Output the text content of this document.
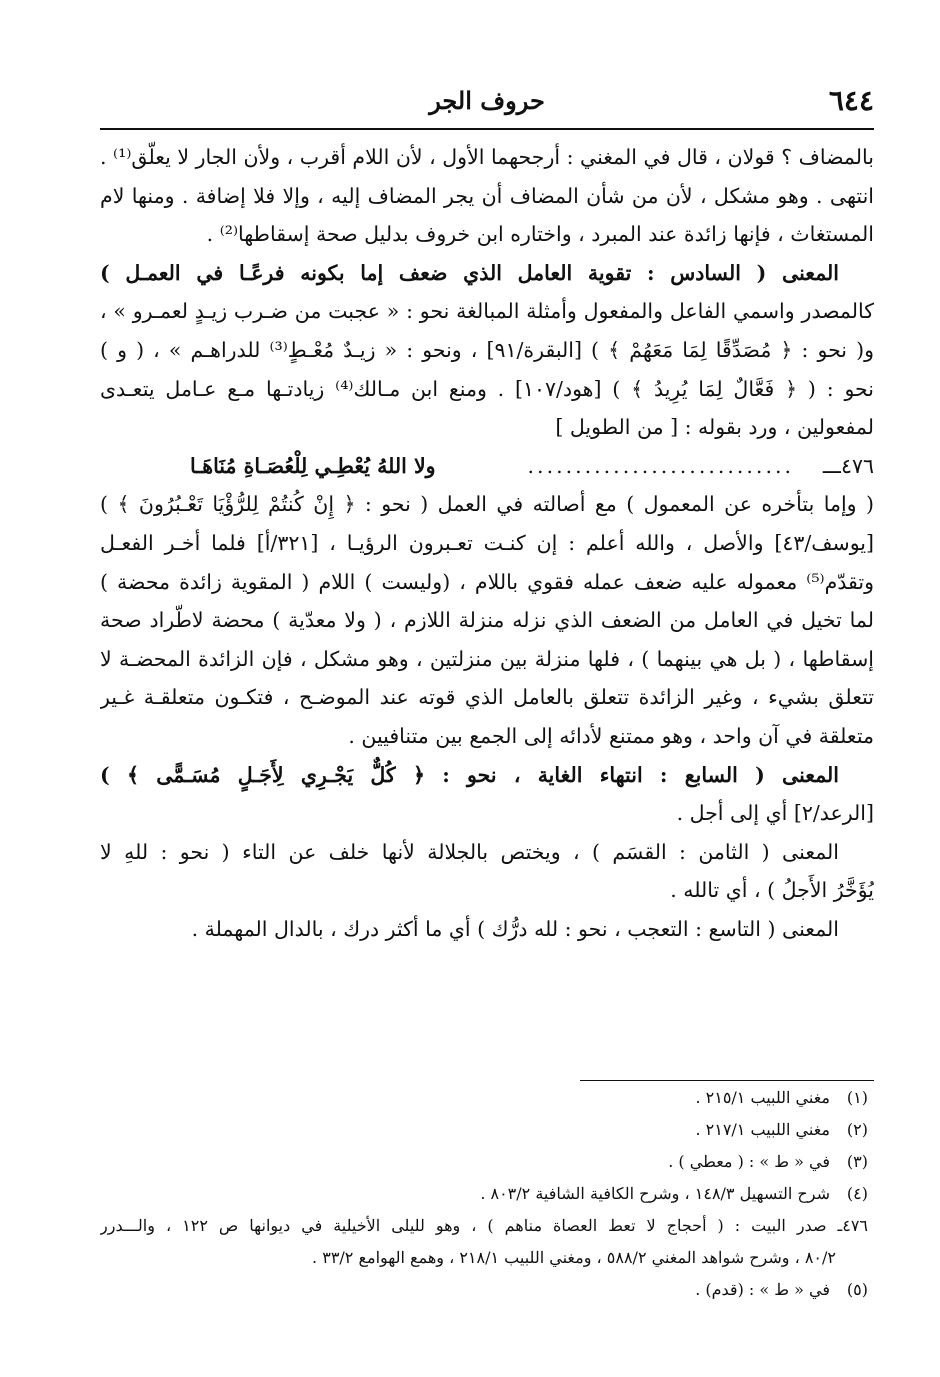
٦٤٤
حروف الجر
بالمضاف ؟ قولان ، قال في المغني : أرجحهما الأول ، لأن اللام أقرب ، ولأن الجار لا يعلّق⁽¹⁾ .
انتهى . وهو مشكل ، لأن من شأن المضاف أن يجر المضاف إليه ، وإلا فلا إضافة . ومنها لام
المستغاث ، فإنها زائدة عند المبرد ، واختاره ابن خروف بدليل صحة إسقاطها⁽²⁾ .
المعنى ( السادس : تقوية العامل الذي ضعف إما بكونه فرعًـا في العمـل )
كالمصدر واسمي الفاعل والمفعول وأمثلة المبالغة نحو : « عجبت من ضـرب زيـدٍ لعمـرو » ،
و( نحو : ﴿ مُصَدِّقًا لِمَا مَعَهُمْ ﴾ ) [البقرة/٩١] ، ونحو : « زيـدٌ مُعْـطٍ⁽³⁾ للدراهـم » ، ( و )
نحو : ( ﴿ فَعَّالٌ لِمَا يُرِيدُ ﴾ ) [هود/١٠٧] . ومنع ابن مـالك⁽⁴⁾ زيادتـها مـع عـامل يتعـدى
لمفعولين ، ورد بقوله : [ من الطويل ]
٤٧٦ـــ
............................
ولا اللهُ يُعْطِـي لِلْعُصَـاةِ مُنَاهَـا
( وإما بتأخره عن المعمول ) مع أصالته في العمل ( نحو : ﴿ إِنْ كُنتُمْ لِلرُّؤْيَا تَعْـبُرُونَ ﴾ )
[يوسف/٤٣] والأصل ، والله أعلم : إن كنـت تعـبرون الرؤيـا ، [٣٢١/أ] فلما أخـر الفعـل
وتقدّم⁽⁵⁾ معموله عليه ضعف عمله فقوي باللام ، (وليست ) اللام ( المقوية زائدة محضة )
لما تخيل في العامل من الضعف الذي نزله منزلة اللازم ، ( ولا معدّية ) محضة لاطّراد صحة
إسقاطها ، ( بل هي بينهما ) ، فلها منزلة بين منزلتين ، وهو مشكل ، فإن الزائدة المحضـة لا
تتعلق بشيء ، وغير الزائدة تتعلق بالعامل الذي قوته عند الموضـح ، فتكـون متعلقـة غـير
متعلقة في آن واحد ، وهو ممتنع لأدائه إلى الجمع بين متنافيين .
المعنى ( السابع : انتهاء الغاية ، نحو : ﴿ كُلٌّ يَجْـرِي لِأَجَـلٍ مُسَـمًّى ﴾ )
[الرعد/٢] أي إلى أجل .
المعنى ( الثامن : القسَم ) ، ويختص بالجلالة لأنها خلف عن التاء ( نحو : للهِ لا
يُؤَخَّرُ الأَجلُ ) ، أي تالله .
المعنى ( التاسع : التعجب ، نحو : لله درُّك ) أي ما أكثر درك ، بالدال المهملة .
(١)مغني اللبيب ٢١٥/١ .
(٢)مغني اللبيب ٢١٧/١ .
(٣)في « ط » : ( معطي ) .
(٤)شرح التسهيل ١٤٨/٣ ، وشرح الكافية الشافية ٨٠٣/٢ .
٤٧٦ـ صدر البيت : ( أحجاج لا تعط العصاة مناهم ) ، وهو لليلى الأخيلية في ديوانها ص ١٢٢ ، والـــدرر
٨٠/٢ ، وشرح شواهد المغني ٥٨٨/٢ ، ومغني اللبيب ٢١٨/١ ، وهمع الهوامع ٣٣/٢ .
(٥)في « ط » : (قدم) .
